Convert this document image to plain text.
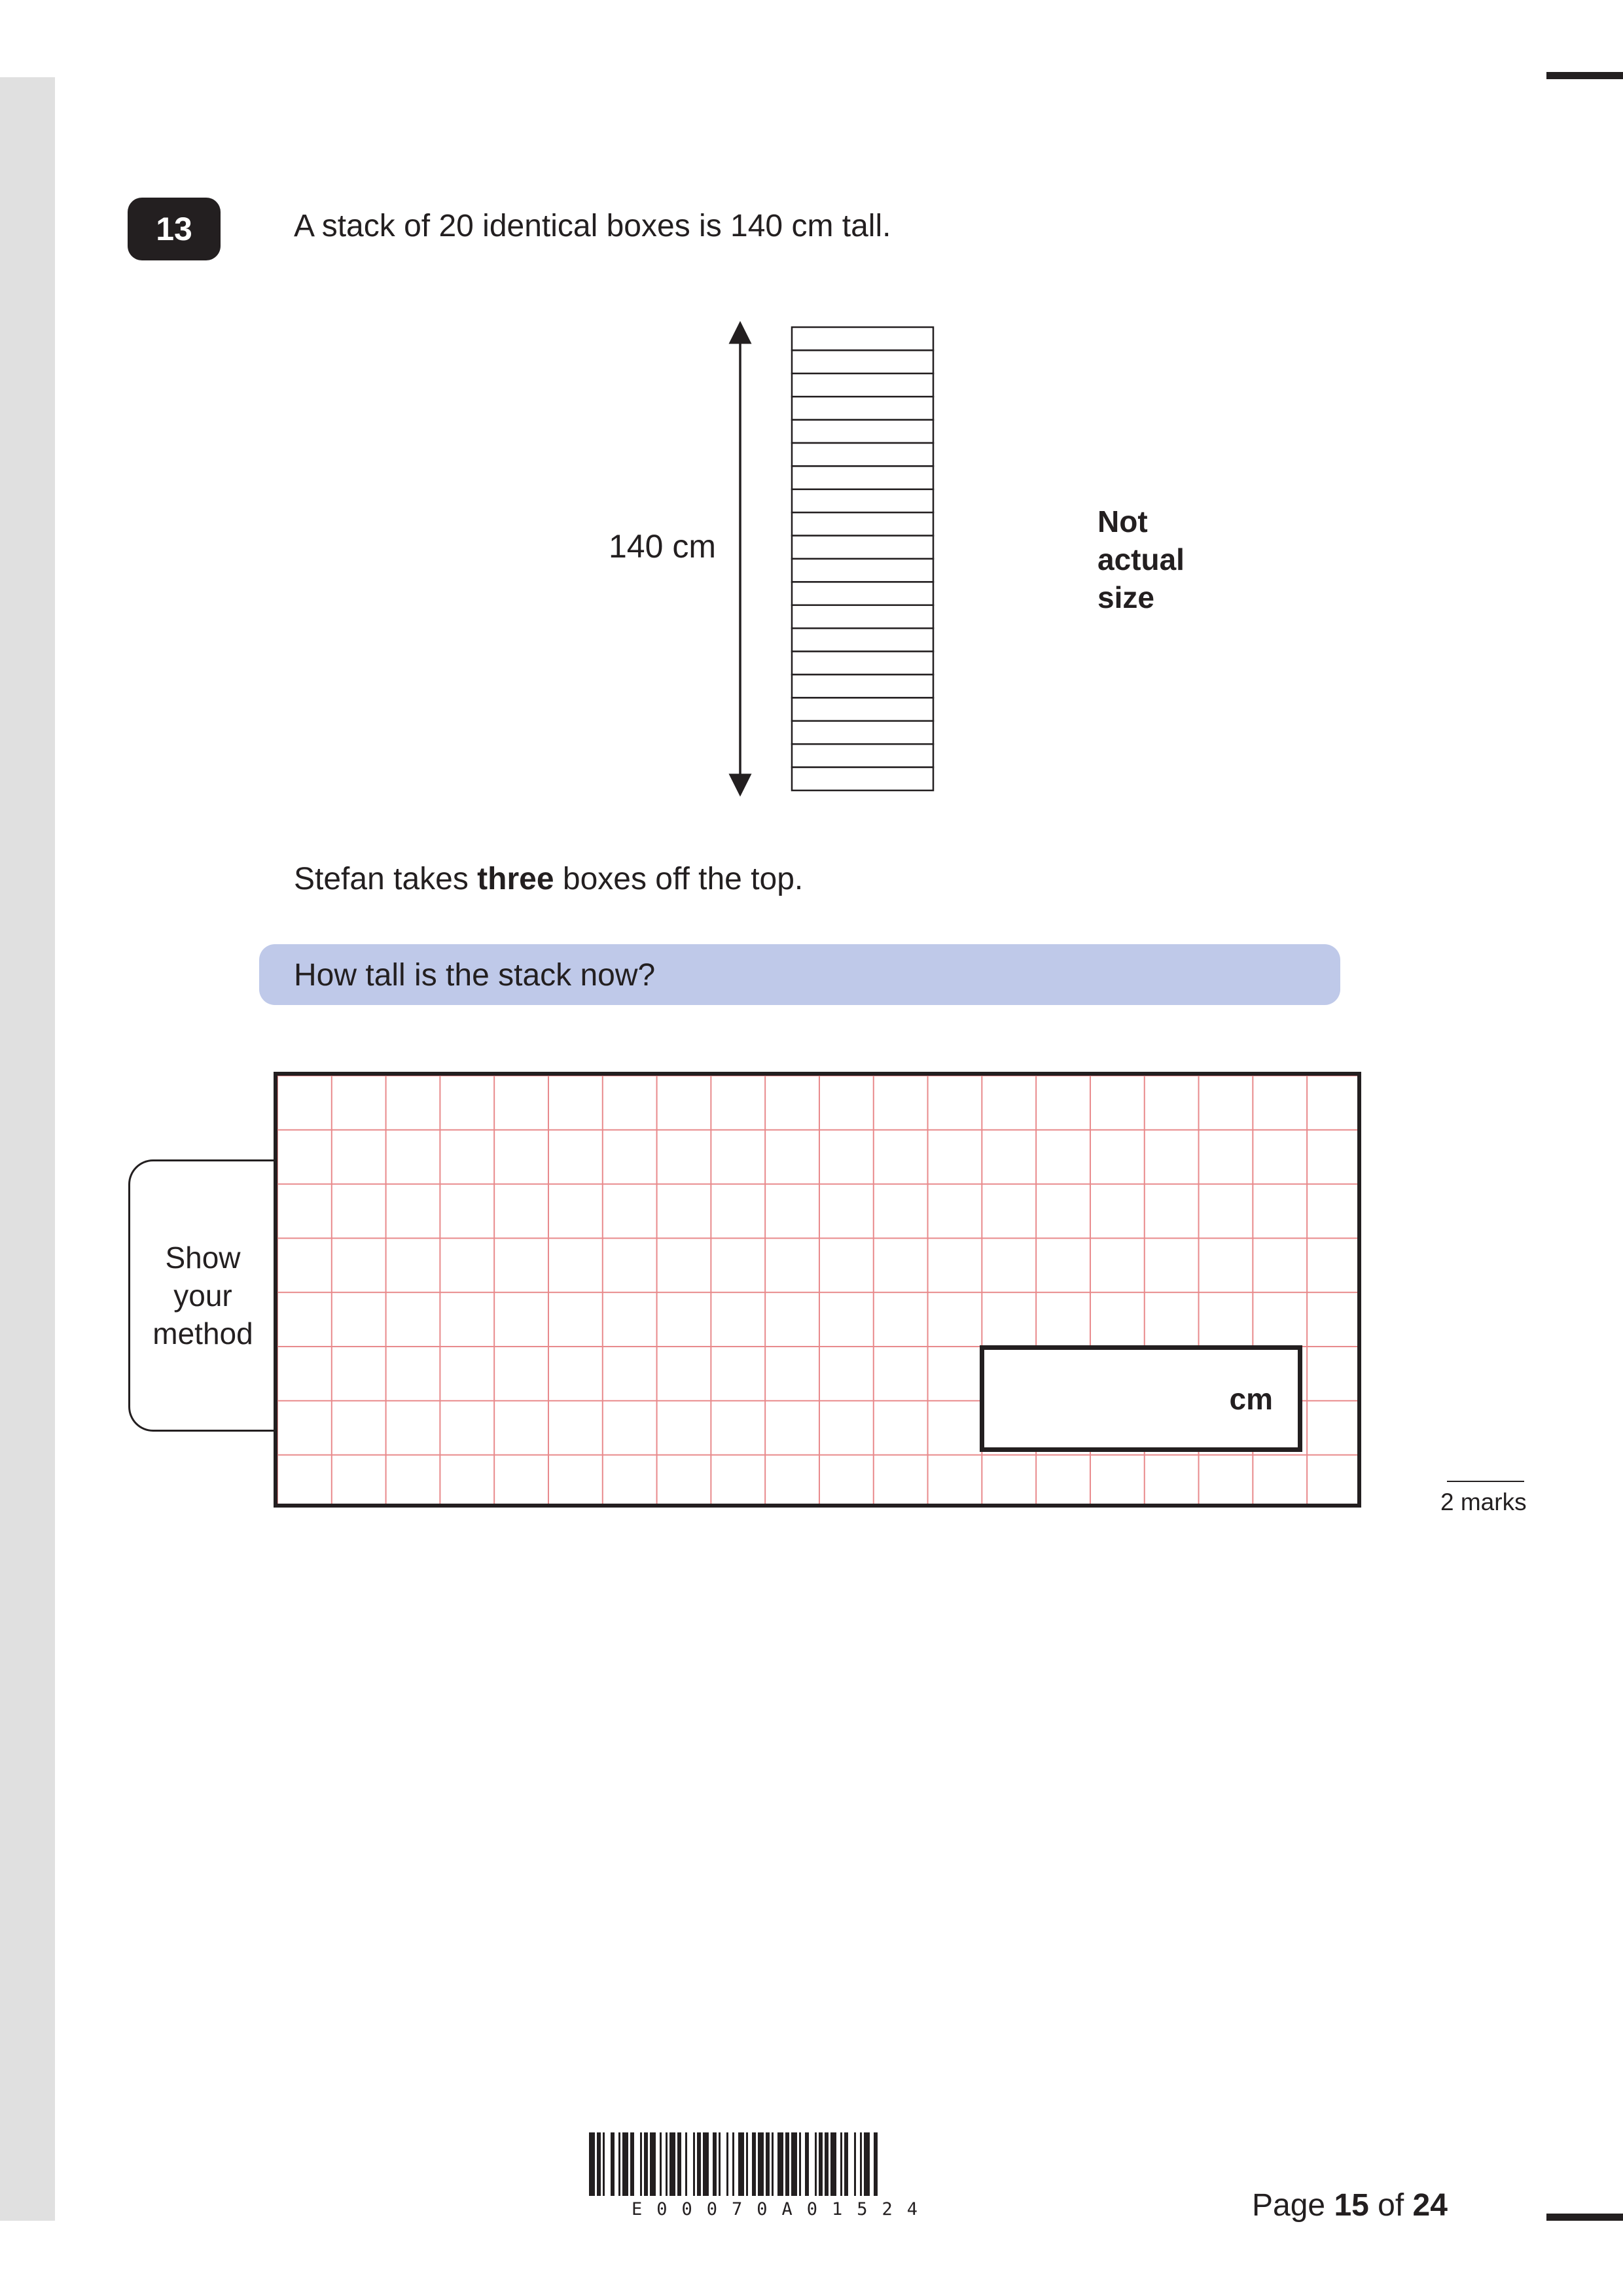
13	A stack of 20 identical boxes is 140 cm tall.
140 cm
Not
actual
size
Stefan takes three boxes off the top.
How tall is the stack now?
Show
your
method
cm
2 marks
E00070A01524	Page 15 of 24
